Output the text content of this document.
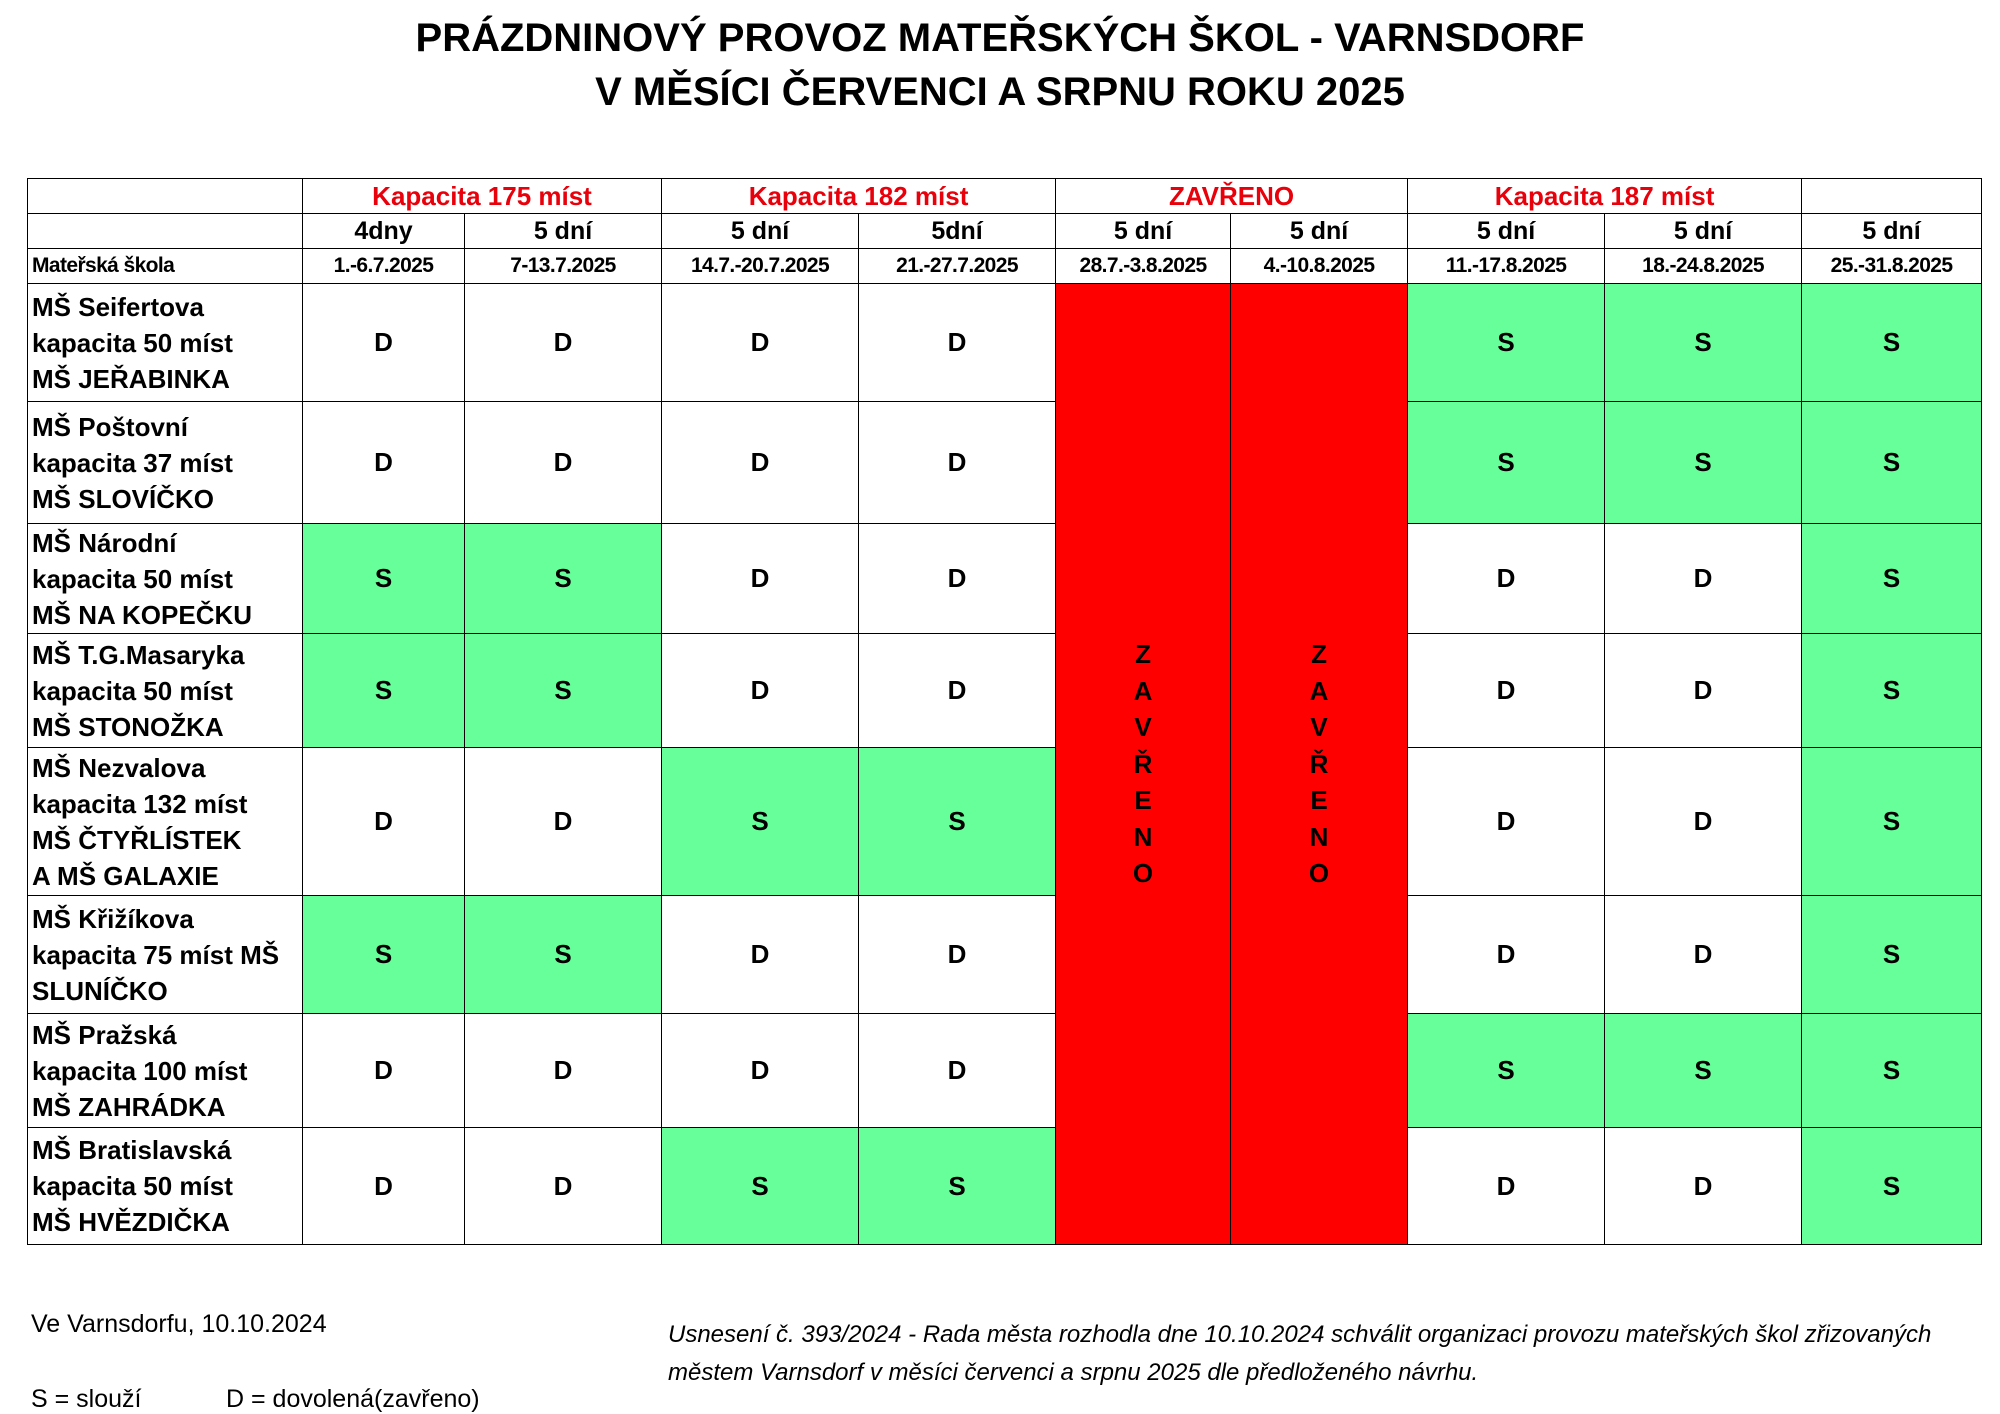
PRÁZDNINOVÝ PROVOZ MATEŘSKÝCH ŠKOL - VARNSDORF
V MĚSÍCI ČERVENCI A SRPNU ROKU 2025
	Kapacita 175 míst		Kapacita 182 míst		ZAVŘENO		Kapacita 187 míst		
	4dny	5 dní	5 dní	5dní	5 dní	5 dní	5 dní	5 dní	5 dní
Mateřská škola	1.-6.7.2025	7-13.7.2025	14.7.-20.7.2025	21.-27.7.2025	28.7.-3.8.2025	4.-10.8.2025	11.-17.8.2025	18.-24.8.2025	25.-31.8.2025
MŠ Seifertova
kapacita 50 míst
MŠ JEŘABINKA	D	D	D	D	ZAVŘENO	ZAVŘENO	S	S	S
MŠ Poštovní
kapacita 37 míst
MŠ SLOVÍČKO	D	D	D	D			S	S	S
MŠ Národní
kapacita 50 míst
MŠ NA KOPEČKU	S	S	D	D			D	D	S
MŠ T.G.Masaryka
kapacita 50 míst
MŠ STONOŽKA	S	S	D	D			D	D	S
MŠ Nezvalova
kapacita 132 míst
MŠ ČTYŘLÍSTEK
A MŠ GALAXIE	D	D	S	S			D	D	S
MŠ Křižíkova
kapacita 75 míst MŠ
SLUNÍČKO	S	S	D	D			D	D	S
MŠ Pražská
kapacita 100 míst
MŠ ZAHRÁDKA	D	D	D	D			S	S	S
MŠ Bratislavská
kapacita 50 míst
MŠ HVĚZDIČKA	D	D	S	S			D	D	S
Ve Varnsdorfu, 10.10.2024
S = slouží	D = dovolená(zavřeno)
Usnesení č. 393/2024 - Rada města rozhodla dne 10.10.2024 schválit organizaci provozu mateřských škol zřizovaných městem Varnsdorf v měsíci červenci a srpnu 2025 dle předloženého návrhu.
